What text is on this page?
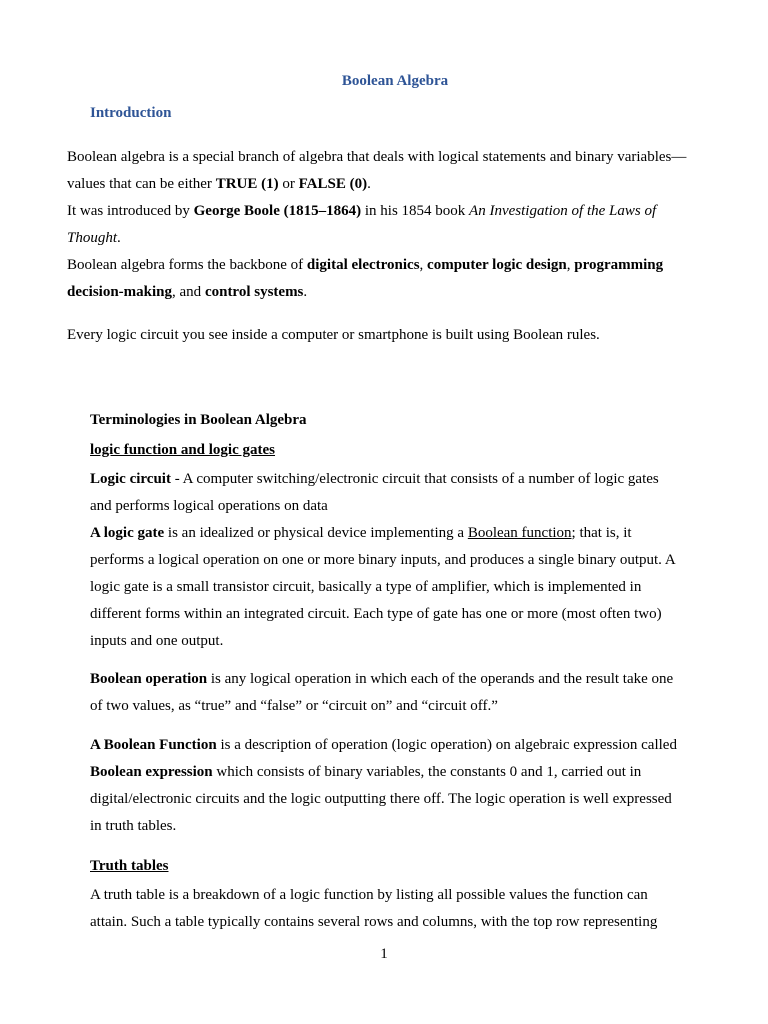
Boolean Algebra
Introduction

Boolean algebra is a special branch of algebra that deals with logical statements and binary variables—values that can be either TRUE (1) or FALSE (0).
It was introduced by George Boole (1815–1864) in his 1854 book An Investigation of the Laws of Thought.
Boolean algebra forms the backbone of digital electronics, computer logic design, programming decision-making, and control systems.

Every logic circuit you see inside a computer or smartphone is built using Boolean rules.

Terminologies in Boolean Algebra
logic function and logic gates

Logic circuit - A computer switching/electronic circuit that consists of a number of logic gates and performs logical operations on data
A logic gate is an idealized or physical device implementing a Boolean function; that is, it performs a logical operation on one or more binary inputs, and produces a single binary output. A logic gate is a small transistor circuit, basically a type of amplifier, which is implemented in different forms within an integrated circuit. Each type of gate has one or more (most often two) inputs and one output.

Boolean operation is any logical operation in which each of the operands and the result take one of two values, as “true” and “false” or “circuit on” and “circuit off.”

A Boolean Function is a description of operation (logic operation) on algebraic expression called Boolean expression which consists of binary variables, the constants 0 and 1, carried out in digital/electronic circuits and the logic outputting there off. The logic operation is well expressed in truth tables.

Truth tables

A truth table is a breakdown of a logic function by listing all possible values the function can attain. Such a table typically contains several rows and columns, with the top row representing

1
